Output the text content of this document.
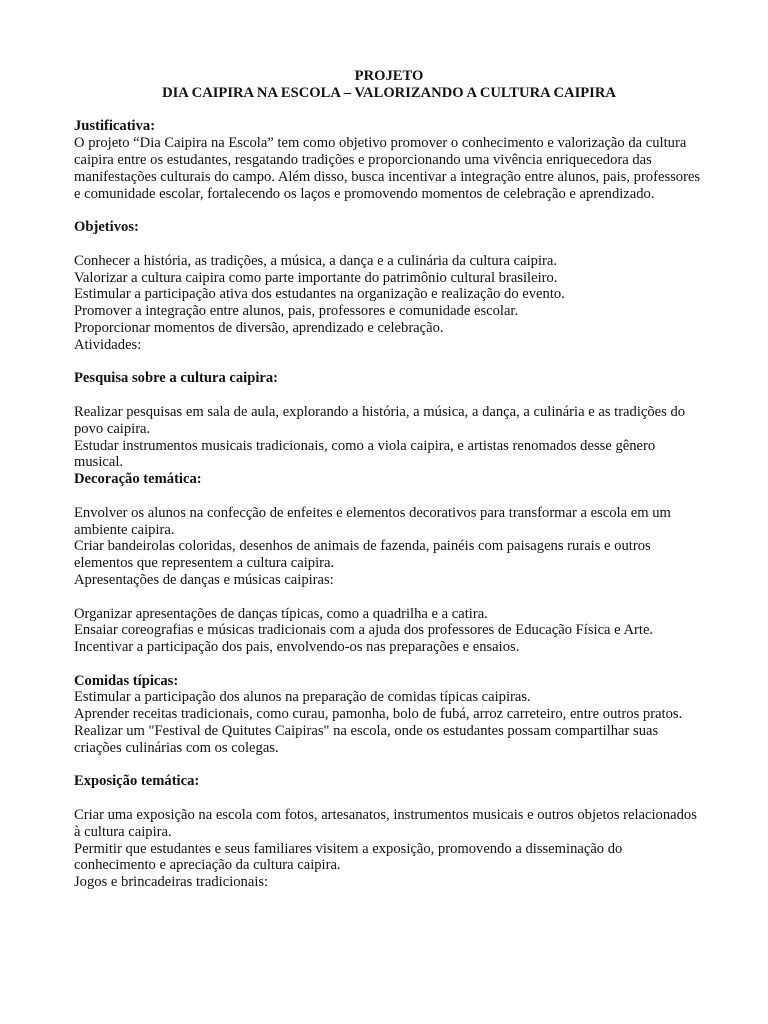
PROJETO
DIA CAIPIRA NA ESCOLA – VALORIZANDO A CULTURA CAIPIRA
Justificativa:
O projeto “Dia Caipira na Escola” tem como objetivo promover o conhecimento e valorização da cultura caipira entre os estudantes, resgatando tradições e proporcionando uma vivência enriquecedora das manifestações culturais do campo. Além disso, busca incentivar a integração entre alunos, pais, professores e comunidade escolar, fortalecendo os laços e promovendo momentos de celebração e aprendizado.
Objetivos:
Conhecer a história, as tradições, a música, a dança e a culinária da cultura caipira.
Valorizar a cultura caipira como parte importante do patrimônio cultural brasileiro.
Estimular a participação ativa dos estudantes na organização e realização do evento.
Promover a integração entre alunos, pais, professores e comunidade escolar.
Proporcionar momentos de diversão, aprendizado e celebração.
Atividades:
Pesquisa sobre a cultura caipira:
Realizar pesquisas em sala de aula, explorando a história, a música, a dança, a culinária e as tradições do povo caipira.
Estudar instrumentos musicais tradicionais, como a viola caipira, e artistas renomados desse gênero musical.
Decoração temática:
Envolver os alunos na confecção de enfeites e elementos decorativos para transformar a escola em um ambiente caipira.
Criar bandeirolas coloridas, desenhos de animais de fazenda, painéis com paisagens rurais e outros elementos que representem a cultura caipira.
Apresentações de danças e músicas caipiras:
Organizar apresentações de danças típicas, como a quadrilha e a catira.
Ensaiar coreografias e músicas tradicionais com a ajuda dos professores de Educação Física e Arte.
Incentivar a participação dos pais, envolvendo-os nas preparações e ensaios.
Comidas típicas:
Estimular a participação dos alunos na preparação de comidas típicas caipiras.
Aprender receitas tradicionais, como curau, pamonha, bolo de fubá, arroz carreteiro, entre outros pratos.
Realizar um "Festival de Quitutes Caipiras" na escola, onde os estudantes possam compartilhar suas criações culinárias com os colegas.
Exposição temática:
Criar uma exposição na escola com fotos, artesanatos, instrumentos musicais e outros objetos relacionados à cultura caipira.
Permitir que estudantes e seus familiares visitem a exposição, promovendo a disseminação do conhecimento e apreciação da cultura caipira.
Jogos e brincadeiras tradicionais:
